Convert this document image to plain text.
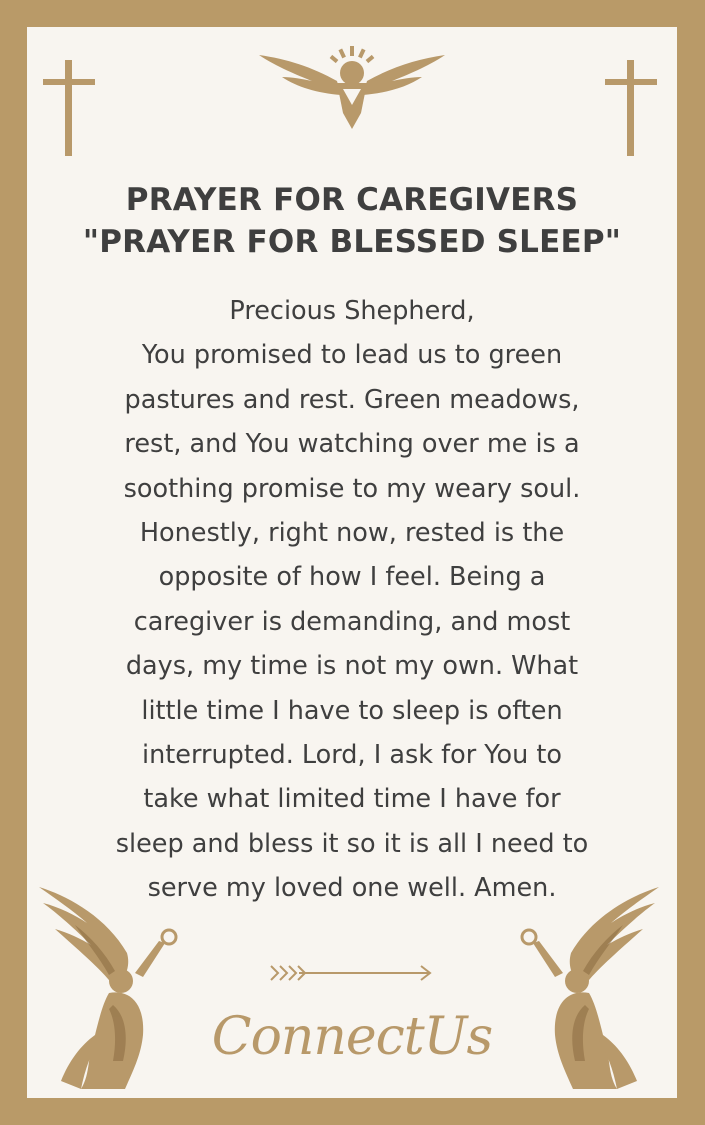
PRAYER FOR CAREGIVERS
"PRAYER FOR BLESSED SLEEP"
Precious Shepherd,
You promised to lead us to green
pastures and rest. Green meadows,
rest, and You watching over me is a
soothing promise to my weary soul.
Honestly, right now, rested is the
opposite of how I feel. Being a
caregiver is demanding, and most
days, my time is not my own. What
little time I have to sleep is often
interrupted. Lord, I ask for You to
take what limited time I have for
sleep and bless it so it is all I need to
serve my loved one well. Amen.
ConnectUs
